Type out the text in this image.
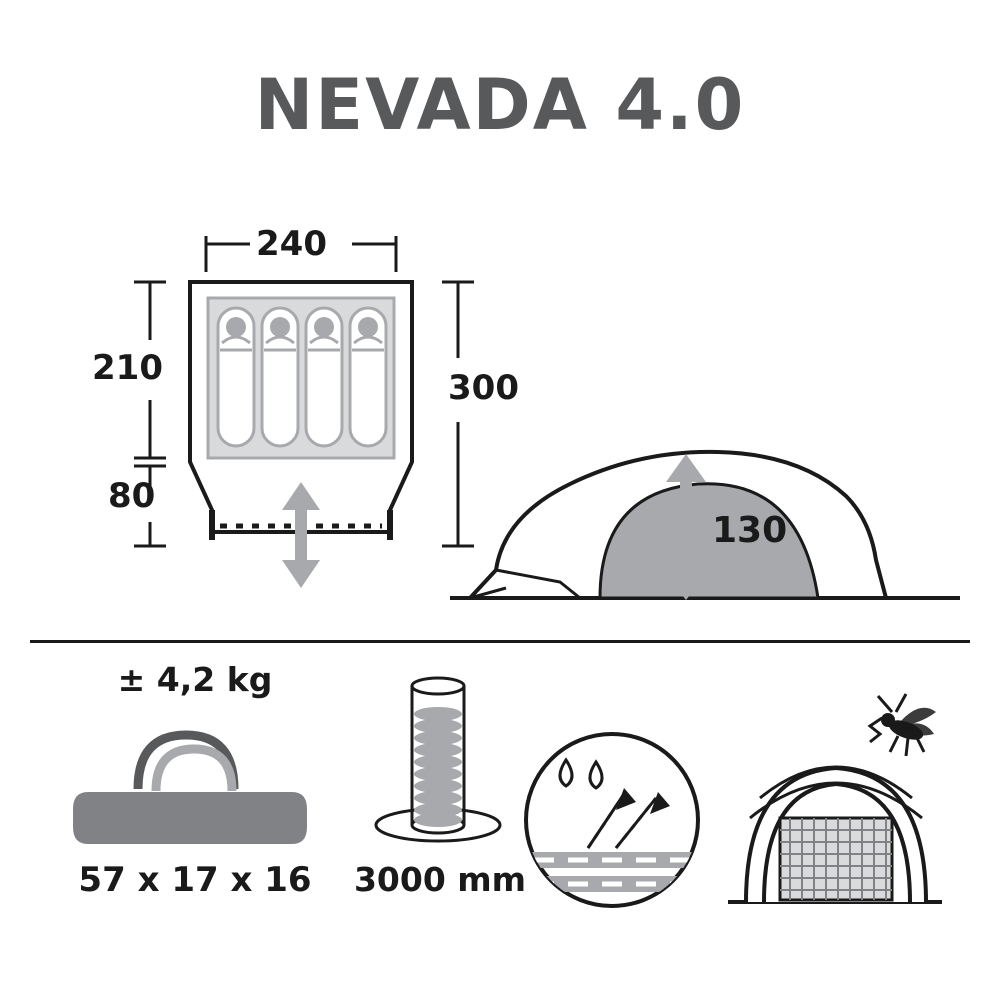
NEVADA 4.0
240
210
80
300
130
± 4,2 kg
57 x 17 x 16	3000 mm
